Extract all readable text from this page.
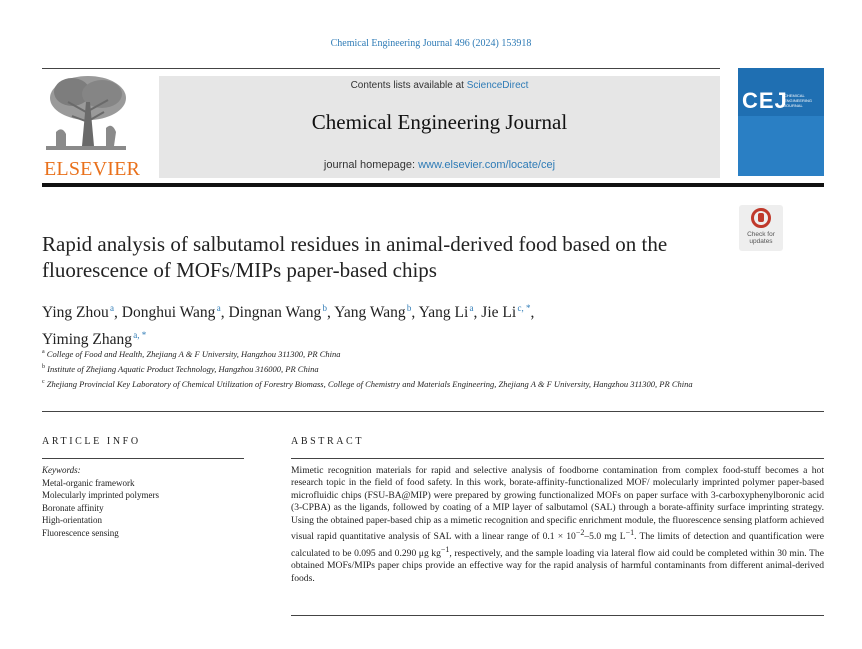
Chemical Engineering Journal 496 (2024) 153918
ELSEVIER
Contents lists available at ScienceDirect
Chemical Engineering Journal
journal homepage: www.elsevier.com/locate/cej
CEJ
CHEMICAL ENGINEERING JOURNAL
Check for updates
Rapid analysis of salbutamol residues in animal-derived food based on the fluorescence of MOFs/MIPs paper-based chips
Ying Zhou $^a$, Donghui Wang $^a$, Dingnan Wang $^b$, Yang Wang $^b$, Yang Li $^a$, Jie Li $^{c, *}$,
Yiming Zhang $^{a, *}$
$^a$ College of Food and Health, Zhejiang A & F University, Hangzhou 311300, PR China
$^b$ Institute of Zhejiang Aquatic Product Technology, Hangzhou 316000, PR China
$^c$ Zhejiang Provincial Key Laboratory of Chemical Utilization of Forestry Biomass, College of Chemistry and Materials Engineering, Zhejiang A & F University, Hangzhou 311300, PR China
ARTICLE INFO
Keywords:
Metal-organic framework
Molecularly imprinted polymers
Boronate affinity
High-orientation
Fluorescence sensing
ABSTRACT
Mimetic recognition materials for rapid and selective analysis of foodborne contamination from complex food-stuff becomes a hot research topic in the field of food safety. In this work, borate-affinity-functionalized MOF/ molecularly imprinted polymer paper-based microfluidic chips (FSU-BA@MIP) were prepared by growing functionalized MOFs on paper surface with 3-carboxyphenylboronic acid (3-CPBA) as the ligands, followed by coating of a MIP layer of salbutamol (SAL) through a borate-affinity surface imprinting strategy. Using the obtained paper-based chip as a mimetic recognition and specific enrichment module, the fluorescence sensing platform achieved visual rapid quantitative analysis of SAL with a linear range of $0.1 \times 10^{-2}-5.0$ mg $L^{-1}$. The limits of detection and quantification were calculated to be 0.095 and 0.290 μg $kg^{-1}$, respectively, and the sample loading via lateral flow aid could be completed within 30 min. The obtained MOFs/MIPs paper chips provide an effective way for the rapid analysis of harmful contaminants from different animal-derived foods.
